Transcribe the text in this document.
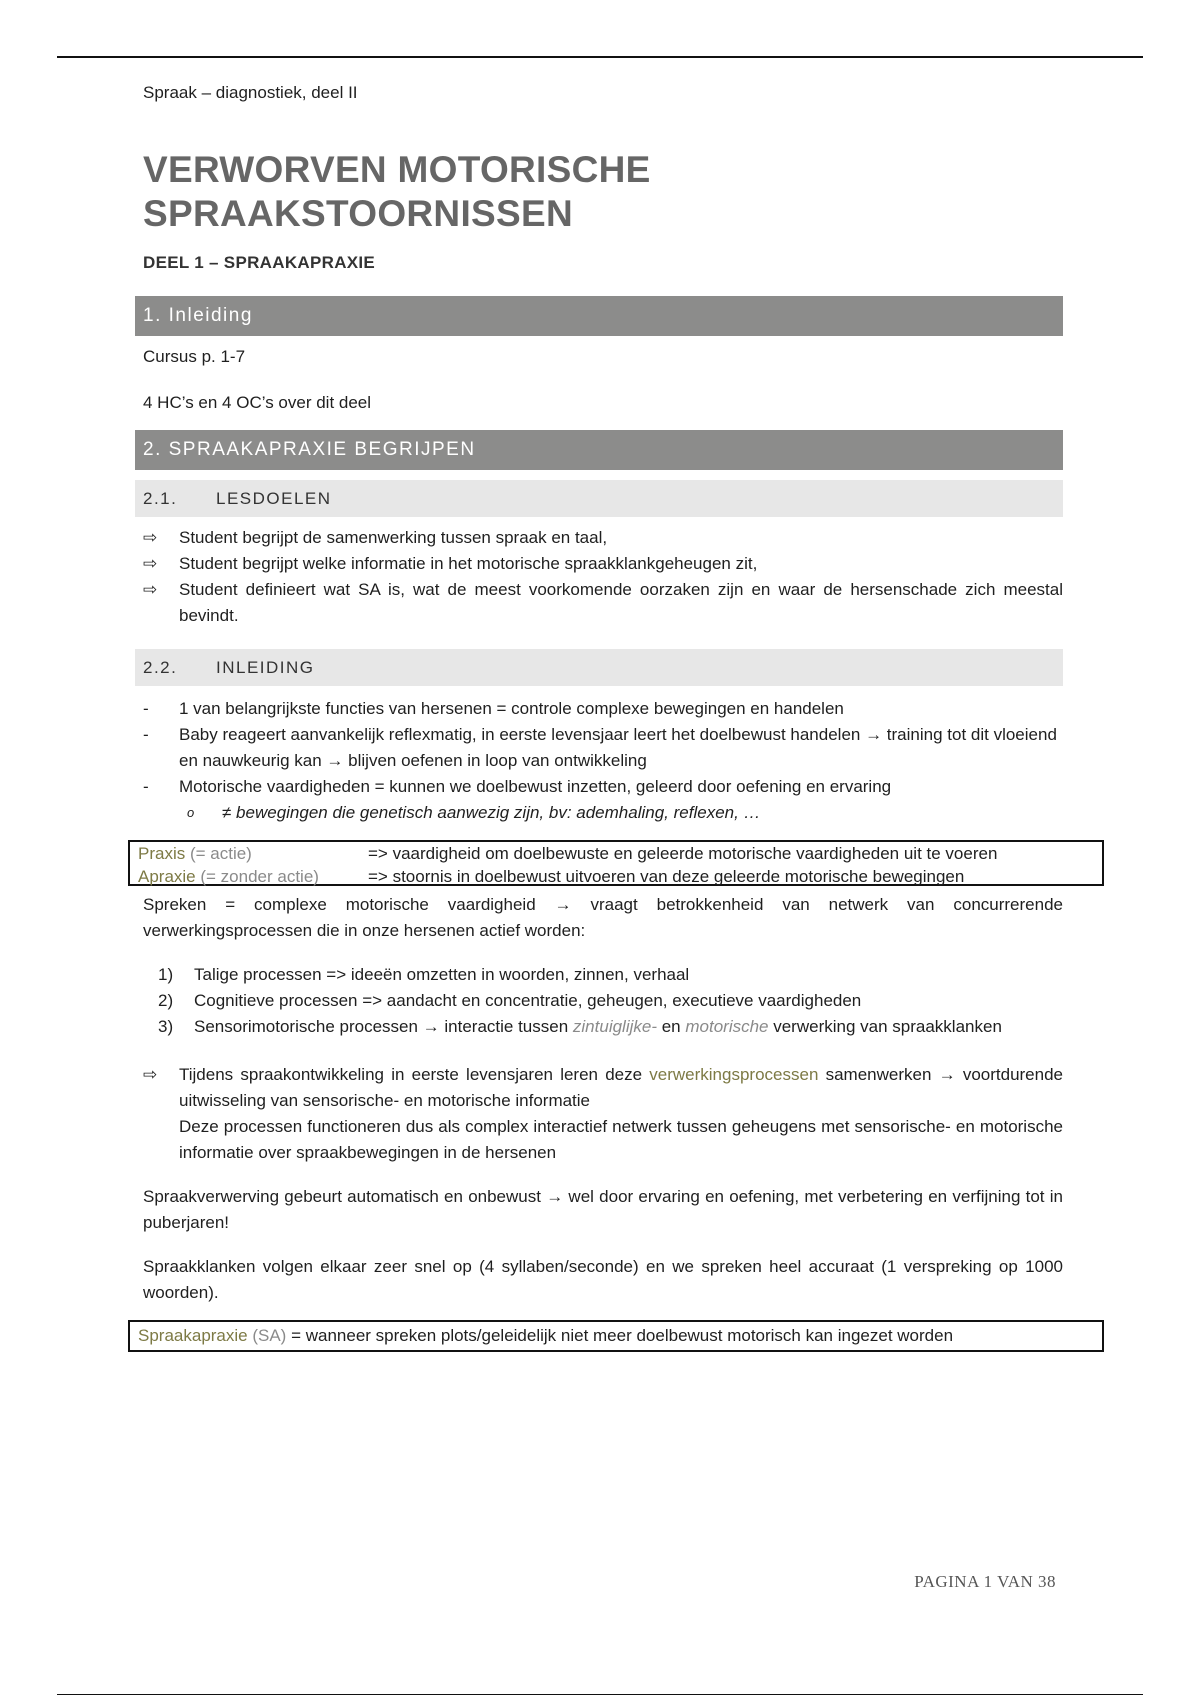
Spraak – diagnostiek, deel II

VERWORVEN MOTORISCHE SPRAAKSTOORNISSEN

DEEL 1 – SPRAAKAPRAXIE

1. Inleiding

Cursus p. 1-7

4 HC’s en 4 OC’s over dit deel

2. SPRAAKAPRAXIE BEGRIJPEN
2.1. LESDOELEN
⇨	Student begrijpt de samenwerking tussen spraak en taal,
⇨	Student begrijpt welke informatie in het motorische spraakklankgeheugen zit,
⇨	Student definieert wat SA is, wat de meest voorkomende oorzaken zijn en waar de hersenschade zich meestal bevindt.
2.2. INLEIDING
-	1 van belangrijkste functies van hersenen = controle complexe bewegingen en handelen
-	Baby reageert aanvankelijk reflexmatig, in eerste levensjaar leert het doelbewust handelen → training tot dit vloeiend en nauwkeurig kan → blijven oefenen in loop van ontwikkeling
-	Motorische vaardigheden = kunnen we doelbewust inzetten, geleerd door oefening en ervaring
o ≠ bewegingen die genetisch aanwezig zijn, bv: ademhaling, reflexen, …
Praxis (= actie)	=> vaardigheid om doelbewuste en geleerde motorische vaardigheden uit te voeren
Apraxie (= zonder actie)	=> stoornis in doelbewust uitvoeren van deze geleerde motorische bewegingen

Spreken = complexe motorische vaardigheid → vraagt betrokkenheid van netwerk van concurrerende verwerkingsprocessen die in onze hersenen actief worden:

1) Talige processen => ideeën omzetten in woorden, zinnen, verhaal
2) Cognitieve processen => aandacht en concentratie, geheugen, executieve vaardigheden
3) Sensorimotorische processen → interactie tussen zintuiglijke- en motorische verwerking van spraakklanken
⇨	Tijdens spraakontwikkeling in eerste levensjaren leren deze verwerkingsprocessen samenwerken → voortdurende uitwisseling van sensorische- en motorische informatie
Deze processen functioneren dus als complex interactief netwerk tussen geheugens met sensorische- en motorische informatie over spraakbewegingen in de hersenen

Spraakverwerving gebeurt automatisch en onbewust → wel door ervaring en oefening, met verbetering en verfijning tot in puberjaren!

Spraakklanken volgen elkaar zeer snel op (4 syllaben/seconde) en we spreken heel accuraat (1 verspreking op 1000 woorden).

Spraakapraxie (SA) = wanneer spreken plots/geleidelijk niet meer doelbewust motorisch kan ingezet worden
PAGINA 1 VAN 38
